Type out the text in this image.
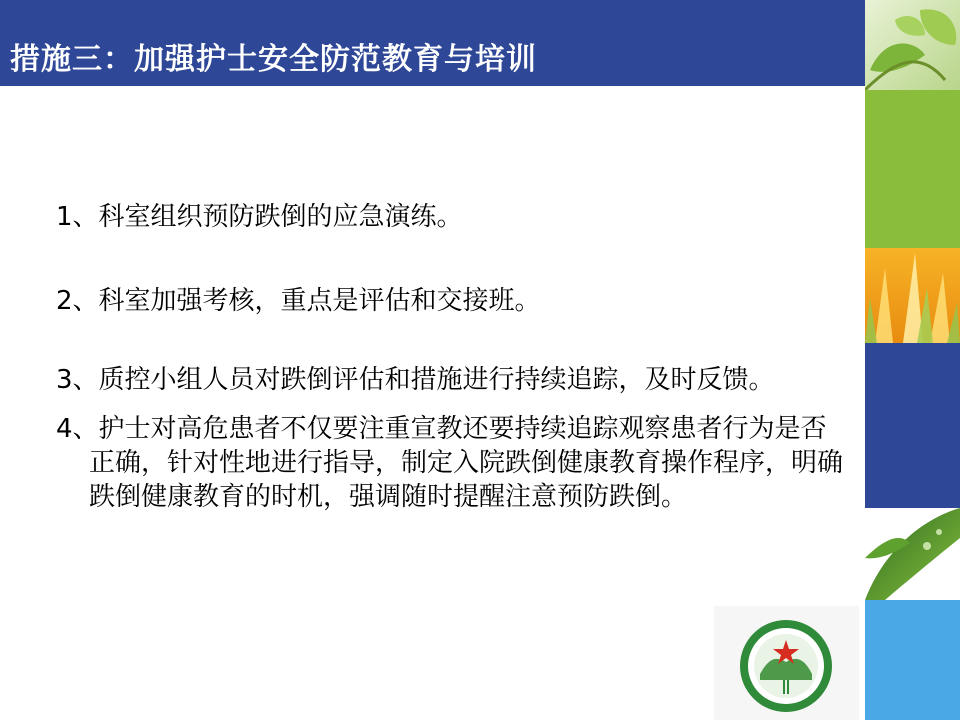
措施三：加强护士安全防范教育与培训
1、科室组织预防跌倒的应急演练。
2、科室加强考核，重点是评估和交接班。
3、质控小组人员对跌倒评估和措施进行持续追踪，及时反馈。
4、护士对高危患者不仅要注重宣教还要持续追踪观察患者行为是否正确，针对性地进行指导，制定入院跌倒健康教育操作程序，明确跌倒健康教育的时机，强调随时提醒注意预防跌倒。
